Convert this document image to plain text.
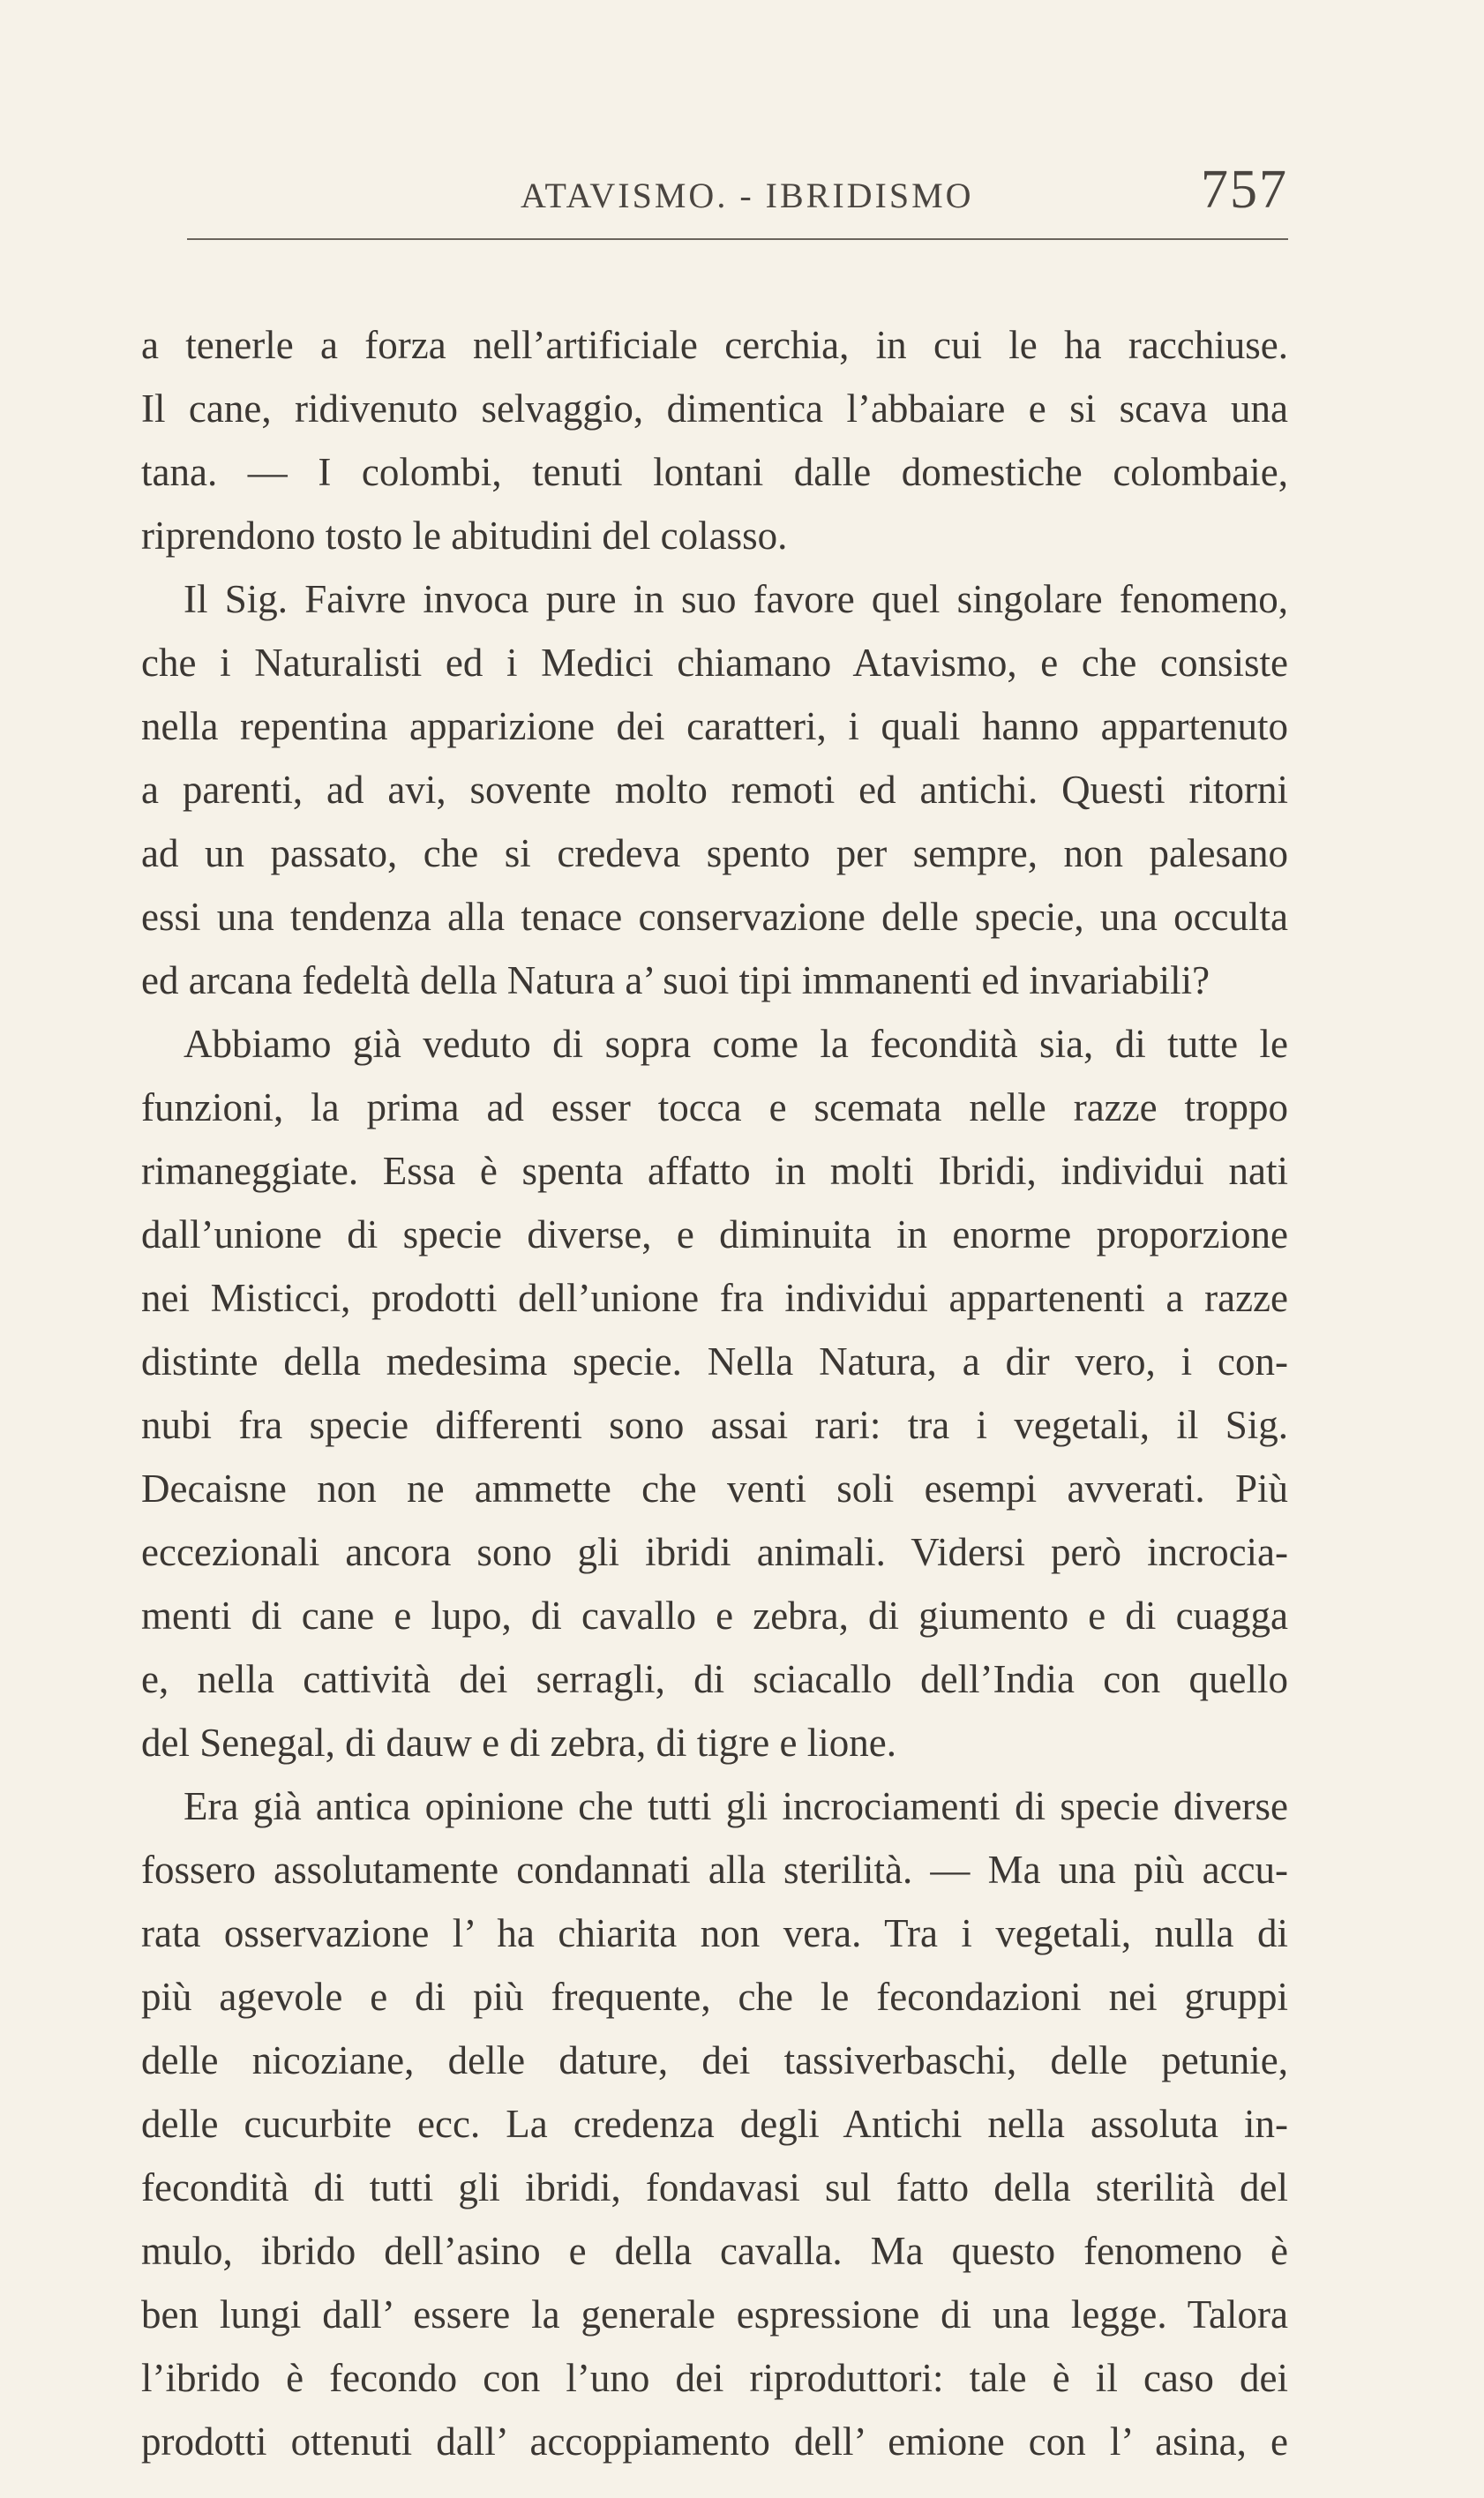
ATAVISMO. - IBRIDISMO	757
a tenerle a forza nell’artificiale cerchia, in cui le ha racchiuse.
Il cane, ridivenuto selvaggio, dimentica l’abbaiare e si scava una
tana. — I colombi, tenuti lontani dalle domestiche colombaie,
riprendono tosto le abitudini del colasso.
Il Sig. Faivre invoca pure in suo favore quel singolare fenomeno,
che i Naturalisti ed i Medici chiamano Atavismo, e che consiste
nella repentina apparizione dei caratteri, i quali hanno appartenuto
a parenti, ad avi, sovente molto remoti ed antichi. Questi ritorni
ad un passato, che si credeva spento per sempre, non palesano
essi una tendenza alla tenace conservazione delle specie, una occulta
ed arcana fedeltà della Natura a’ suoi tipi immanenti ed invariabili?
Abbiamo già veduto di sopra come la fecondità sia, di tutte le
funzioni, la prima ad esser tocca e scemata nelle razze troppo
rimaneggiate. Essa è spenta affatto in molti Ibridi, individui nati
dall’unione di specie diverse, e diminuita in enorme proporzione
nei Misticci, prodotti dell’unione fra individui appartenenti a razze
distinte della medesima specie. Nella Natura, a dir vero, i con-
nubi fra specie differenti sono assai rari: tra i vegetali, il Sig.
Decaisne non ne ammette che venti soli esempi avverati. Più
eccezionali ancora sono gli ibridi animali. Vidersi però incrocia-
menti di cane e lupo, di cavallo e zebra, di giumento e di cuagga
e, nella cattività dei serragli, di sciacallo dell’India con quello
del Senegal, di dauw e di zebra, di tigre e lione.
Era già antica opinione che tutti gli incrociamenti di specie diverse
fossero assolutamente condannati alla sterilità. — Ma una più accu-
rata osservazione l’ ha chiarita non vera. Tra i vegetali, nulla di
più agevole e di più frequente, che le fecondazioni nei gruppi
delle nicoziane, delle dature, dei tassiverbaschi, delle petunie,
delle cucurbite ecc. La credenza degli Antichi nella assoluta in-
fecondità di tutti gli ibridi, fondavasi sul fatto della sterilità del
mulo, ibrido dell’asino e della cavalla. Ma questo fenomeno è
ben lungi dall’ essere la generale espressione di una legge. Talora
l’ibrido è fecondo con l’uno dei riproduttori: tale è il caso dei
prodotti ottenuti dall’ accoppiamento dell’ emione con l’ asina, e
